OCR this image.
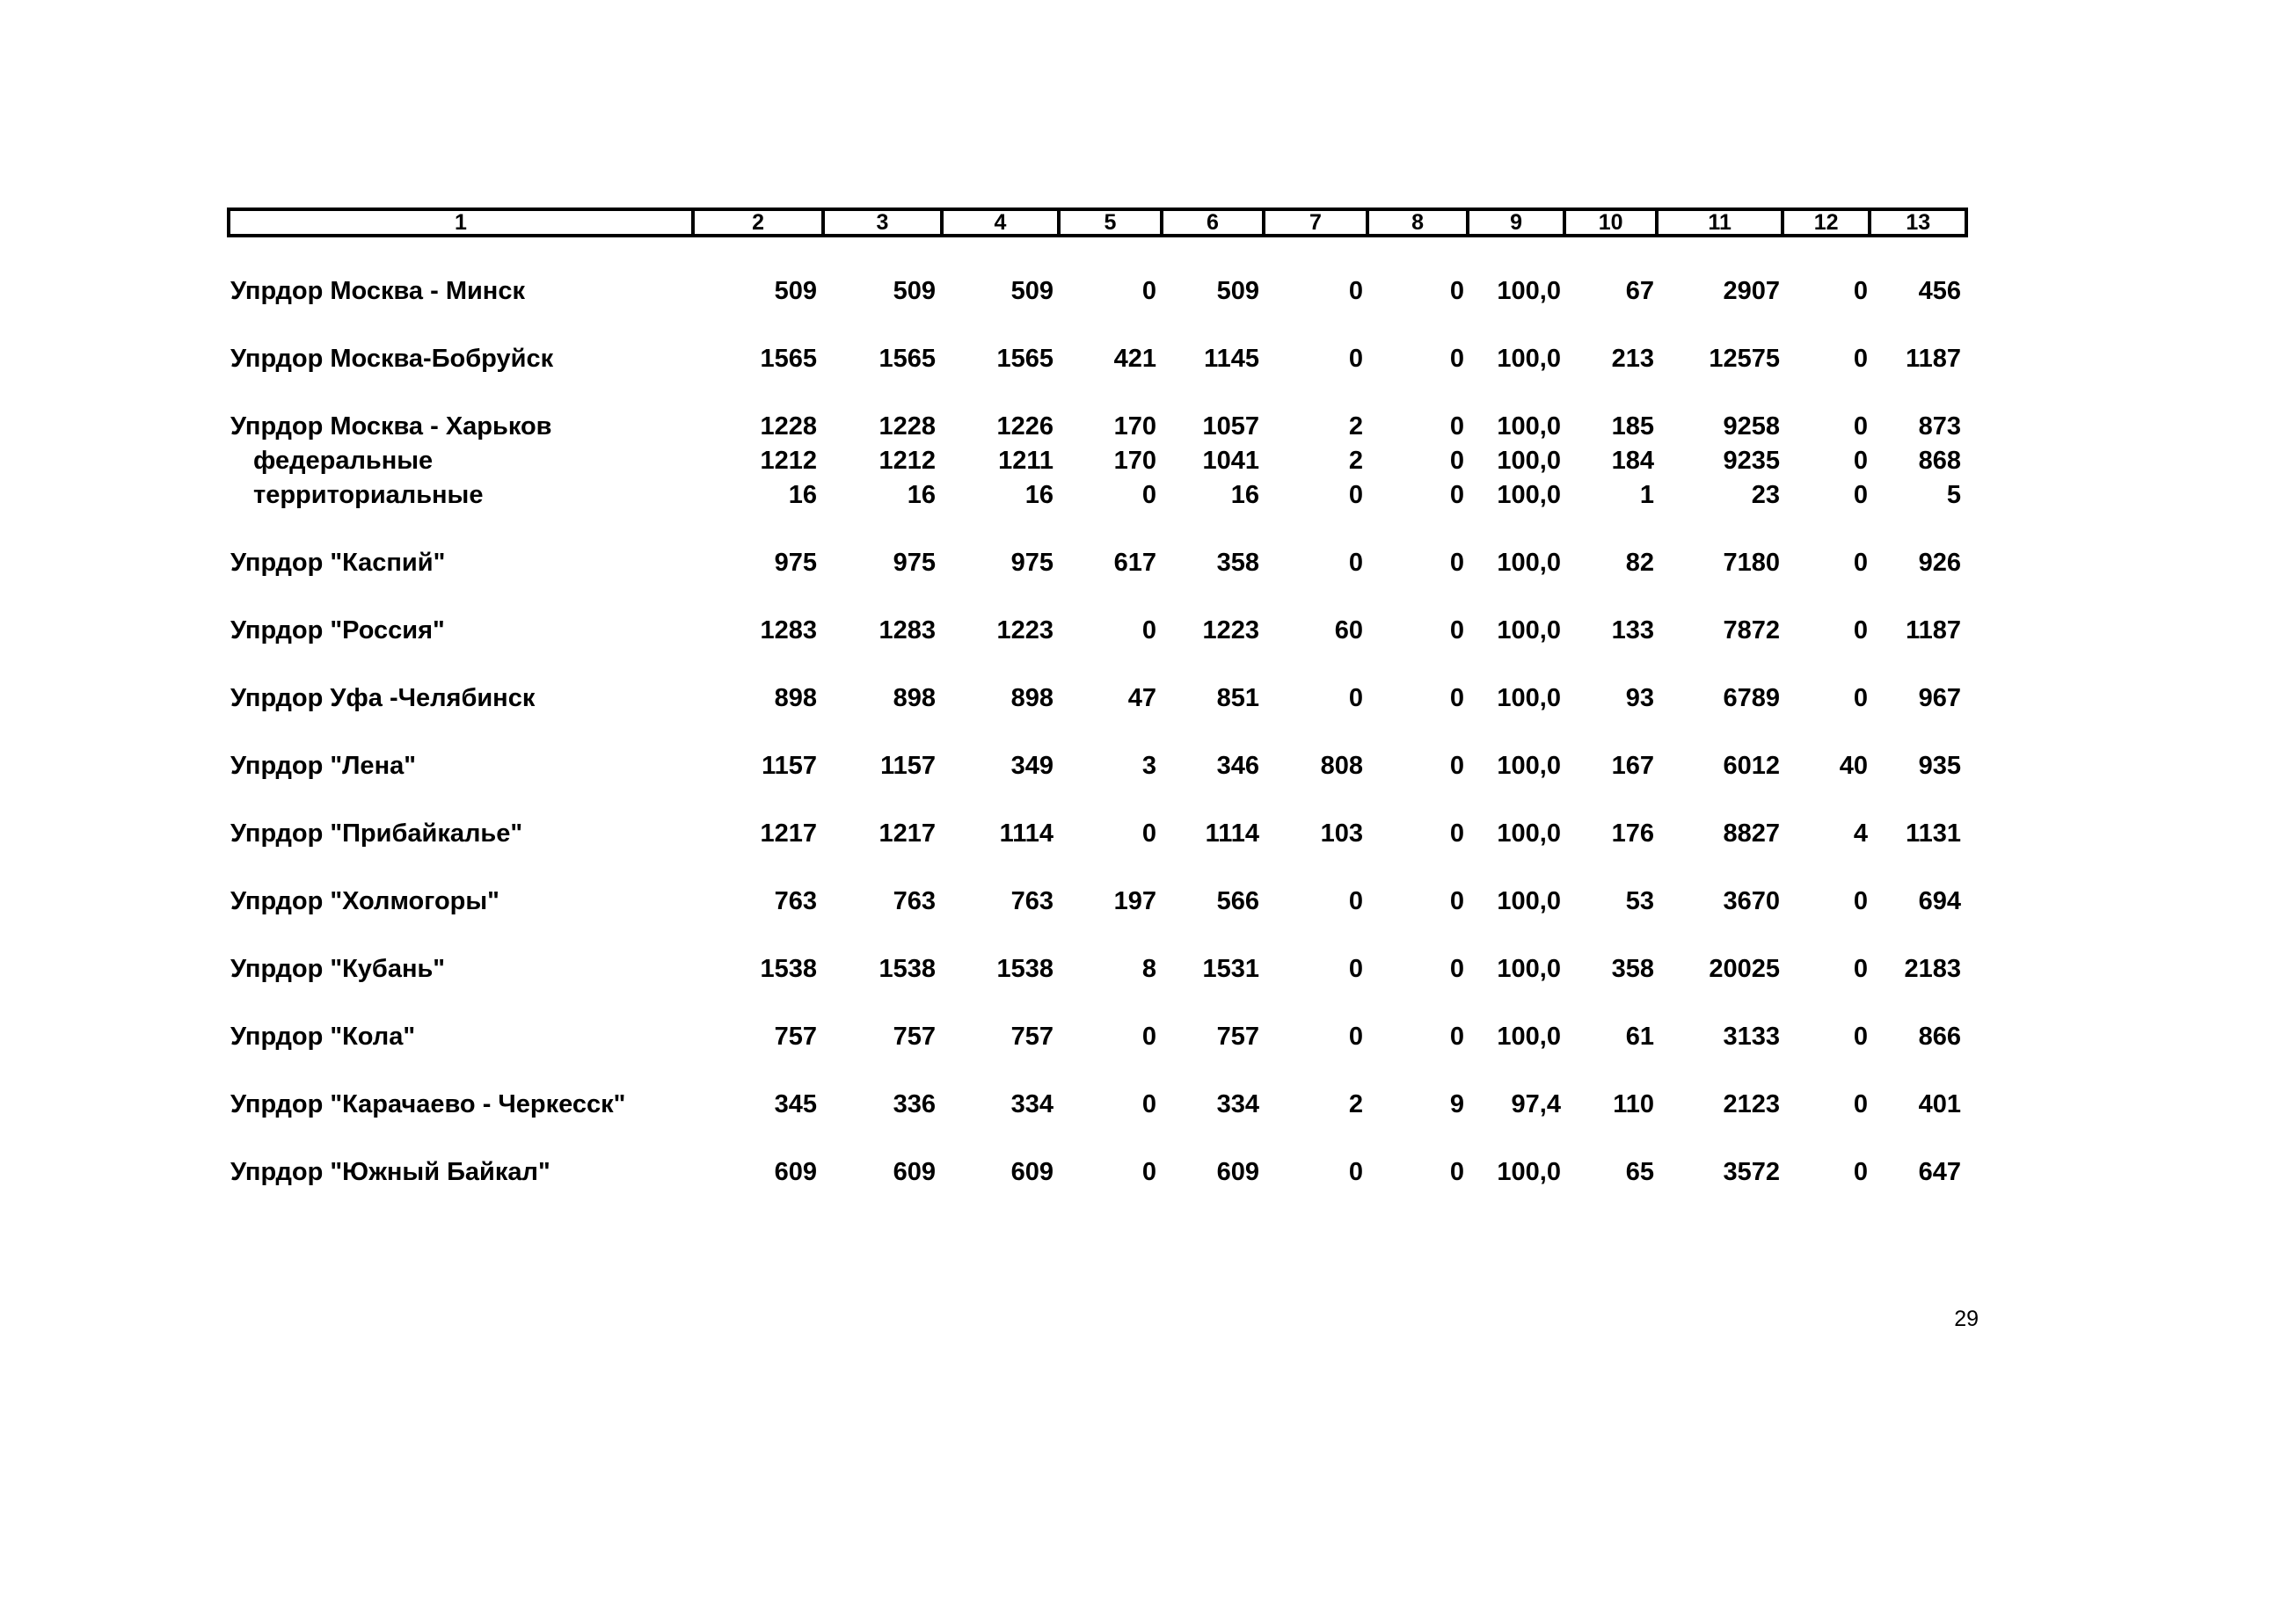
1	2	3	4	5	6	7	8	9	10	11	12	13
Упрдор Москва - Минск	509	509	509	0	509	0	0	100,0	67	2907	0	456
Упрдор Москва-Бобруйск	1565	1565	1565	421	1145	0	0	100,0	213	12575	0	1187
Упрдор Москва - Харьков	1228	1228	1226	170	1057	2	0	100,0	185	9258	0	873
федеральные	1212	1212	1211	170	1041	2	0	100,0	184	9235	0	868
территориальные	16	16	16	0	16	0	0	100,0	1	23	0	5
Упрдор "Каспий"	975	975	975	617	358	0	0	100,0	82	7180	0	926
Упрдор "Россия"	1283	1283	1223	0	1223	60	0	100,0	133	7872	0	1187
Упрдор Уфа -Челябинск	898	898	898	47	851	0	0	100,0	93	6789	0	967
Упрдор "Лена"	1157	1157	349	3	346	808	0	100,0	167	6012	40	935
Упрдор "Прибайкалье"	1217	1217	1114	0	1114	103	0	100,0	176	8827	4	1131
Упрдор "Холмогоры"	763	763	763	197	566	0	0	100,0	53	3670	0	694
Упрдор "Кубань"	1538	1538	1538	8	1531	0	0	100,0	358	20025	0	2183
Упрдор "Кола"	757	757	757	0	757	0	0	100,0	61	3133	0	866
Упрдор "Карачаево - Черкесск"	345	336	334	0	334	2	9	97,4	110	2123	0	401
Упрдор "Южный Байкал"	609	609	609	0	609	0	0	100,0	65	3572	0	647
29
